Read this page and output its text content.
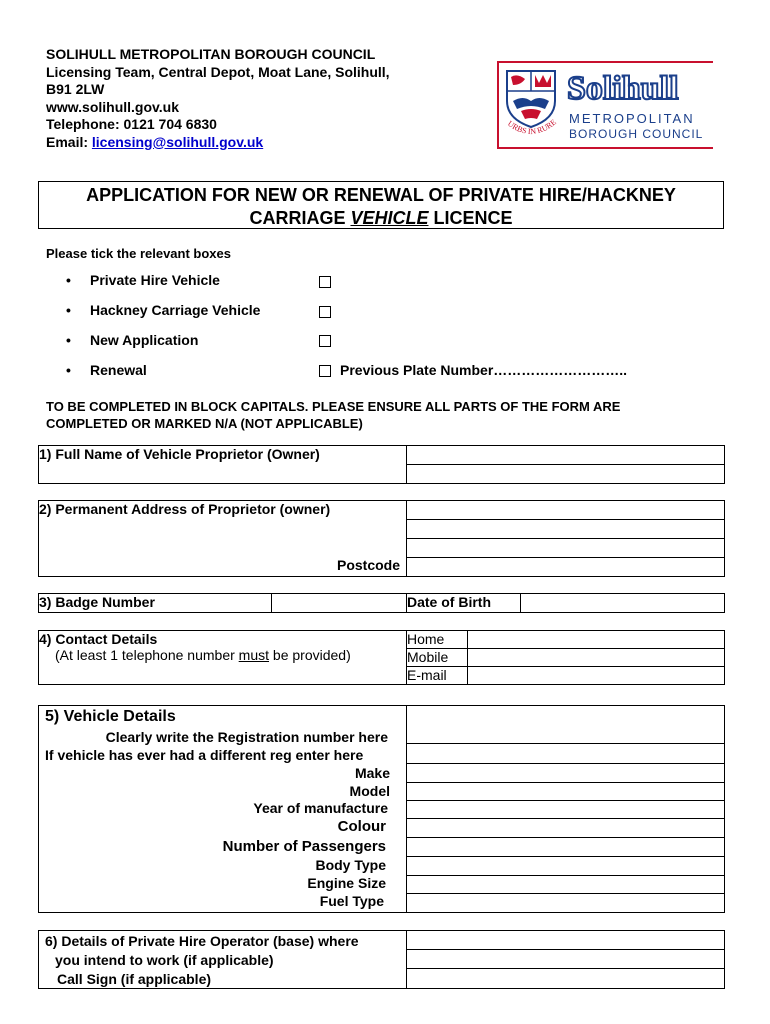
SOLIHULL METROPOLITAN BOROUGH COUNCIL
Licensing Team, Central Depot, Moat Lane, Solihull,
B91 2LW
www.solihull.gov.uk
Telephone: 0121 704 6830
Email: licensing@solihull.gov.uk
URBS IN RURE
Solihull
METROPOLITAN
BOROUGH COUNCIL
APPLICATION FOR NEW OR RENEWAL OF PRIVATE HIRE/HACKNEY
CARRIAGE VEHICLE LICENCE
Please tick the relevant boxes
• Private Hire Vehicle
• Hackney Carriage Vehicle
• New Application
• Renewal	Previous Plate Number………………………..
TO BE COMPLETED IN BLOCK CAPITALS. PLEASE ENSURE ALL PARTS OF THE FORM ARE
COMPLETED OR MARKED N/A (NOT APPLICABLE)
1) Full Name of Vehicle Proprietor (Owner)	

2) Permanent Address of Proprietor (owner)
Postcode

3) Badge Number		Date of Birth	
4) Contact Details
(At least 1 telephone number must be provided)	Home	
	Mobile	
	E-mail	
5) Vehicle Details
Clearly write the Registration number here
If vehicle has ever had a different reg enter here
Make
Model
Year of manufacture
Colour
Number of Passengers
Body Type
Engine Size
Fuel Type
6) Details of Private Hire Operator (base) where
you intend to work (if applicable)
Call Sign (if applicable)
